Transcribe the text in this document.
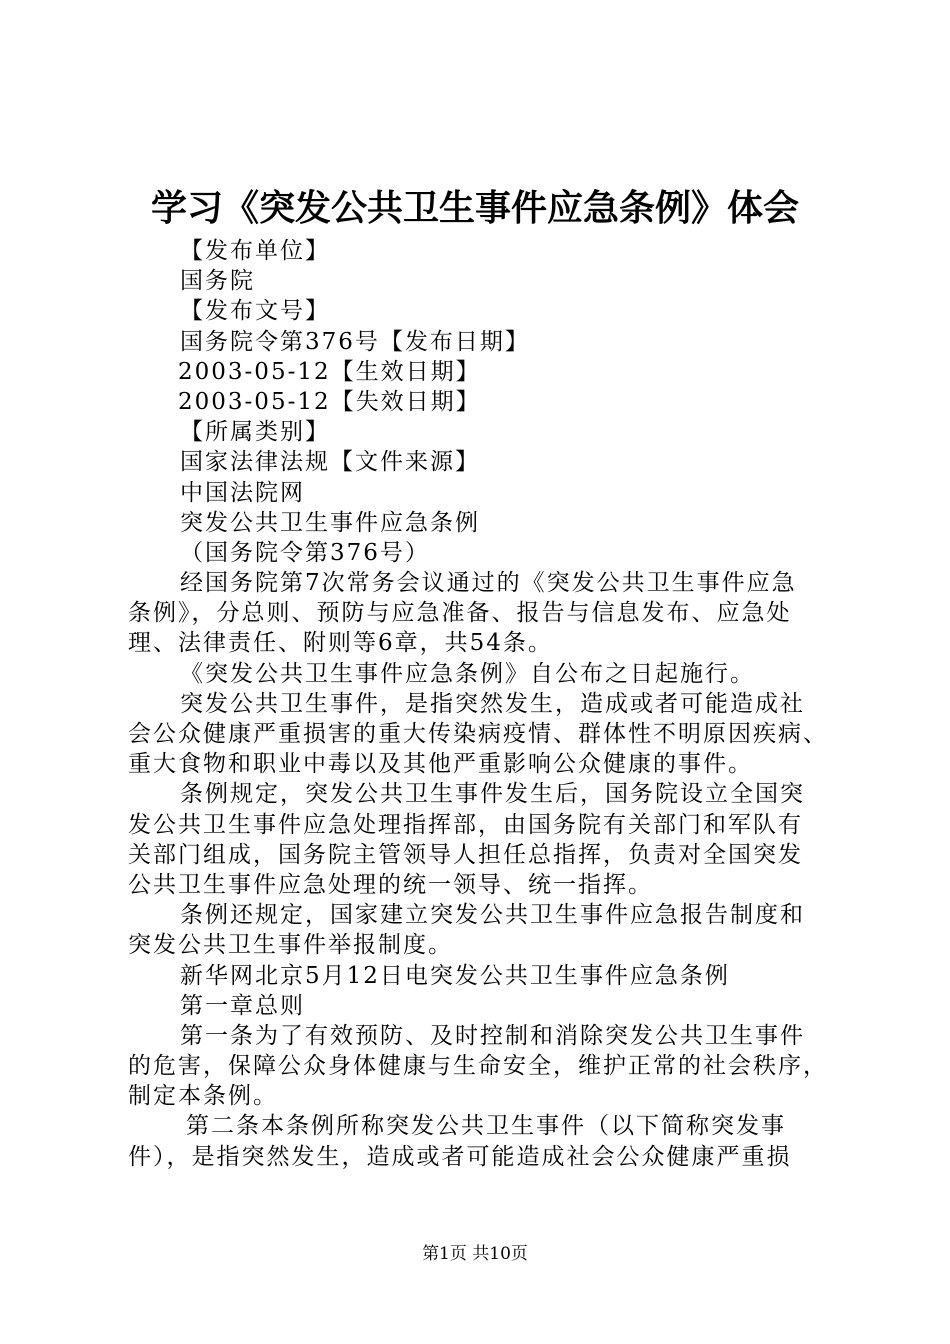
学习《突发公共卫生事件应急条例》体会
【发布单位】
国务院
【发布文号】
国务院令第376号【发布日期】
2003-05-12【生效日期】
2003-05-12【失效日期】
【所属类别】
国家法律法规【文件来源】
中国法院网
突发公共卫生事件应急条例
（国务院令第376号）
经国务院第7次常务会议通过的《突发公共卫生事件应急
条例》，分总则、预防与应急准备、报告与信息发布、应急处
理、法律责任、附则等6章，共54条。
《突发公共卫生事件应急条例》自公布之日起施行。
突发公共卫生事件，是指突然发生，造成或者可能造成社
会公众健康严重损害的重大传染病疫情、群体性不明原因疾病、
重大食物和职业中毒以及其他严重影响公众健康的事件。
条例规定，突发公共卫生事件发生后，国务院设立全国突
发公共卫生事件应急处理指挥部，由国务院有关部门和军队有
关部门组成，国务院主管领导人担任总指挥，负责对全国突发
公共卫生事件应急处理的统一领导、统一指挥。
条例还规定，国家建立突发公共卫生事件应急报告制度和
突发公共卫生事件举报制度。
新华网北京5月12日电突发公共卫生事件应急条例
第一章总则
第一条为了有效预防、及时控制和消除突发公共卫生事件
的危害，保障公众身体健康与生命安全，维护正常的社会秩序，
制定本条例。
第二条本条例所称突发公共卫生事件（以下简称突发事
件），是指突然发生，造成或者可能造成社会公众健康严重损
第1页 共10页
